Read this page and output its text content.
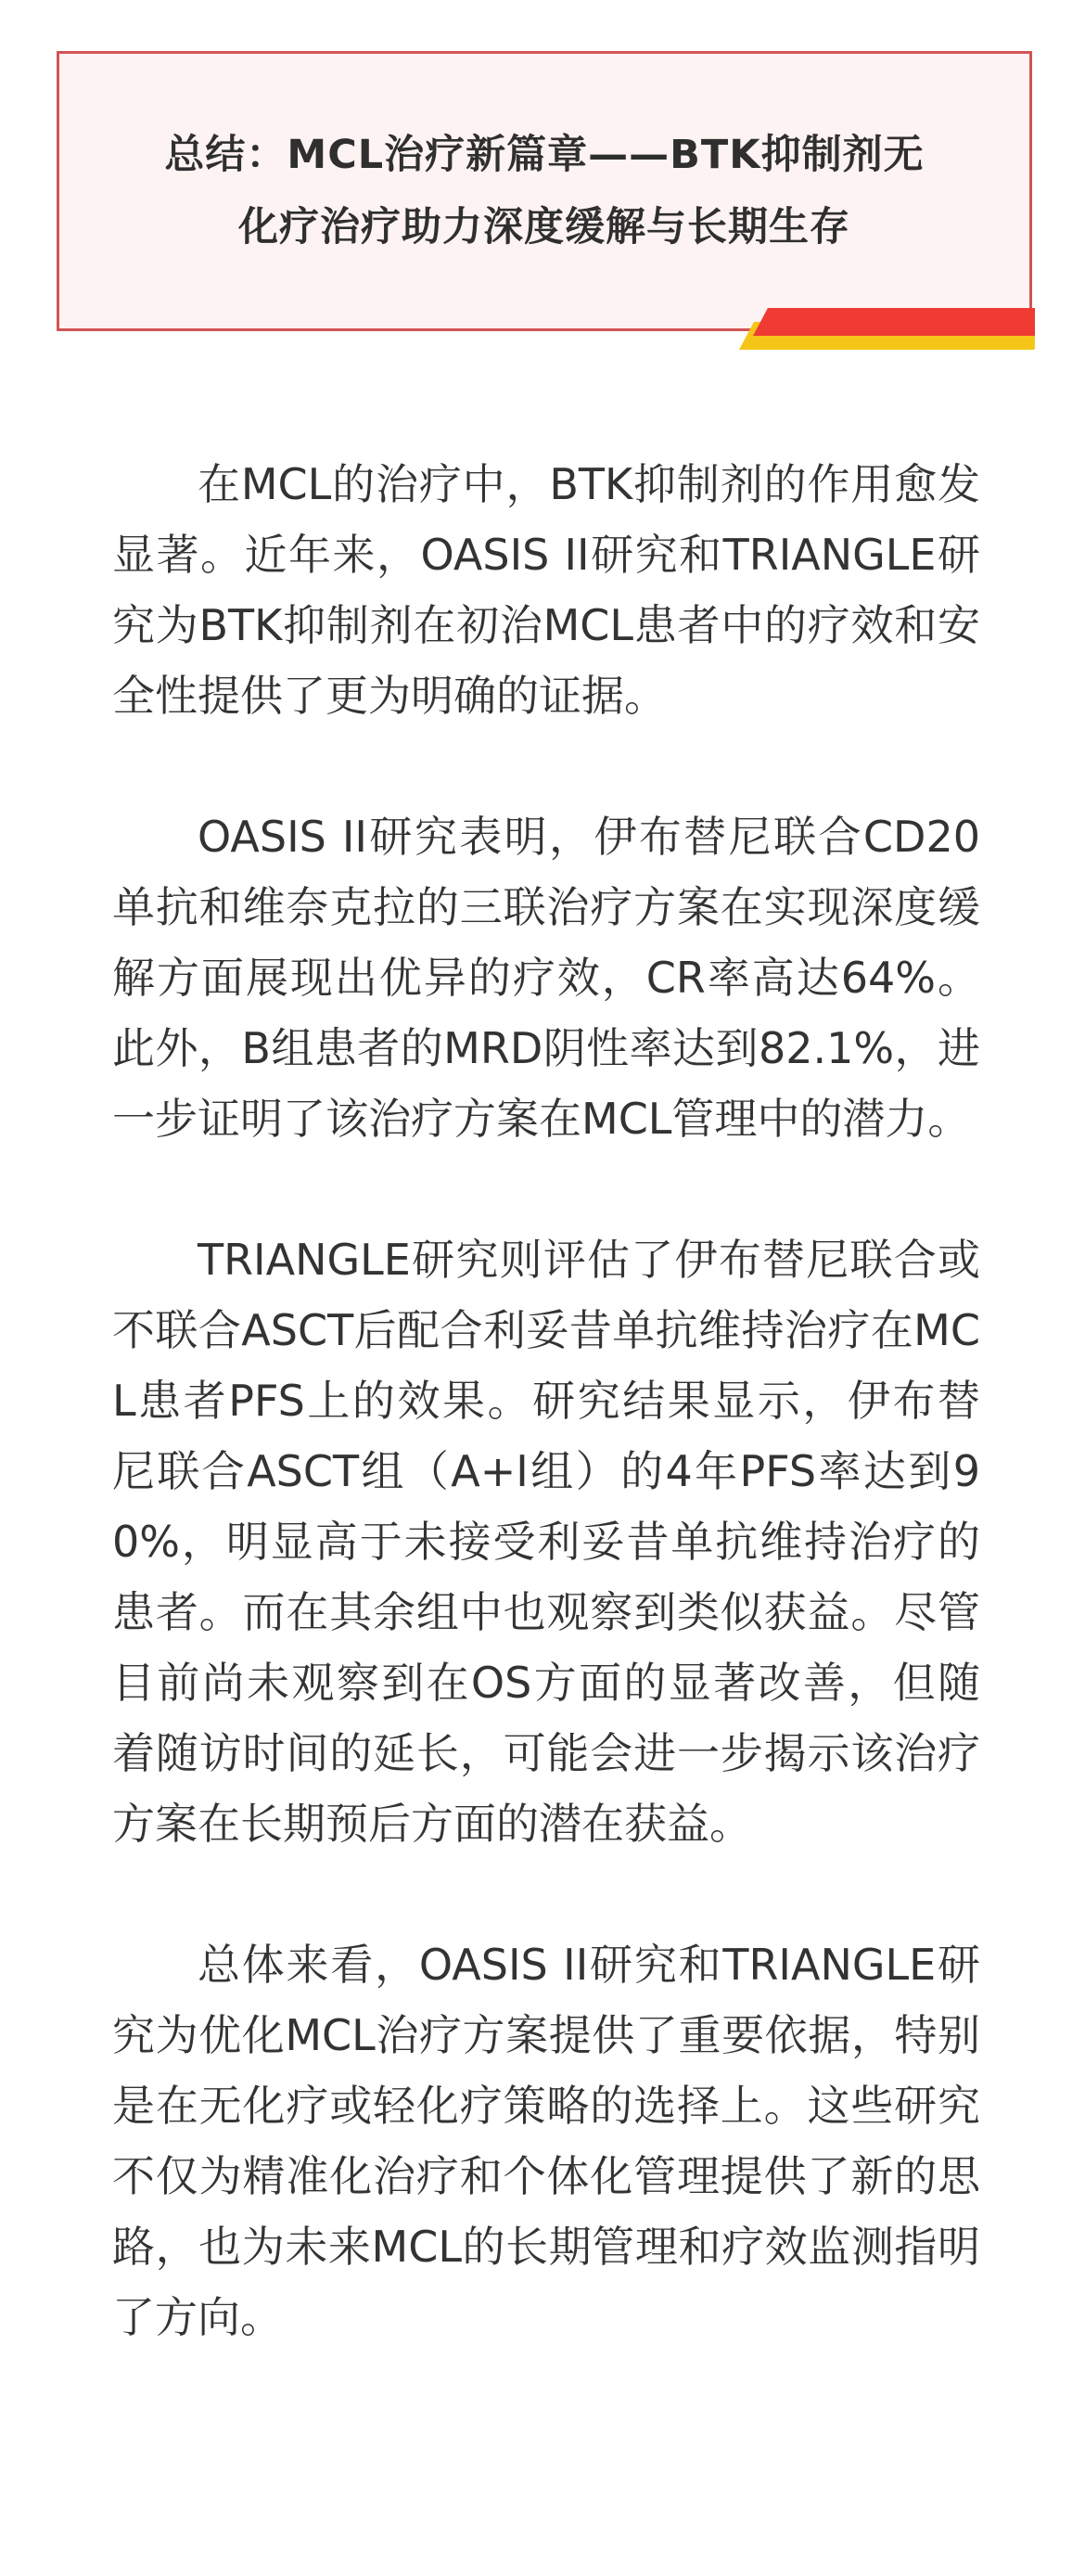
总结：MCL治疗新篇章——BTK抑制剂无
化疗治疗助力深度缓解与长期生存

在MCL的治疗中，BTK抑制剂的作用愈发显著。近年来，OASIS II研究和TRIANGLE研究为BTK抑制剂在初治MCL患者中的疗效和安全性提供了更为明确的证据。

OASIS II研究表明，伊布替尼联合CD20单抗和维奈克拉的三联治疗方案在实现深度缓解方面展现出优异的疗效，CR率高达64%。此外，B组患者的MRD阴性率达到82.1%，进一步证明了该治疗方案在MCL管理中的潜力。

TRIANGLE研究则评估了伊布替尼联合或不联合ASCT后配合利妥昔单抗维持治疗在MCL患者PFS上的效果。研究结果显示，伊布替尼联合ASCT组（A+I组）的4年PFS率达到90%，明显高于未接受利妥昔单抗维持治疗的患者。而在其余组中也观察到类似获益。尽管目前尚未观察到在OS方面的显著改善，但随着随访时间的延长，可能会进一步揭示该治疗方案在长期预后方面的潜在获益。

总体来看，OASIS II研究和TRIANGLE研究为优化MCL治疗方案提供了重要依据，特别是在无化疗或轻化疗策略的选择上。这些研究不仅为精准化治疗和个体化管理提供了新的思路，也为未来MCL的长期管理和疗效监测指明了方向。
